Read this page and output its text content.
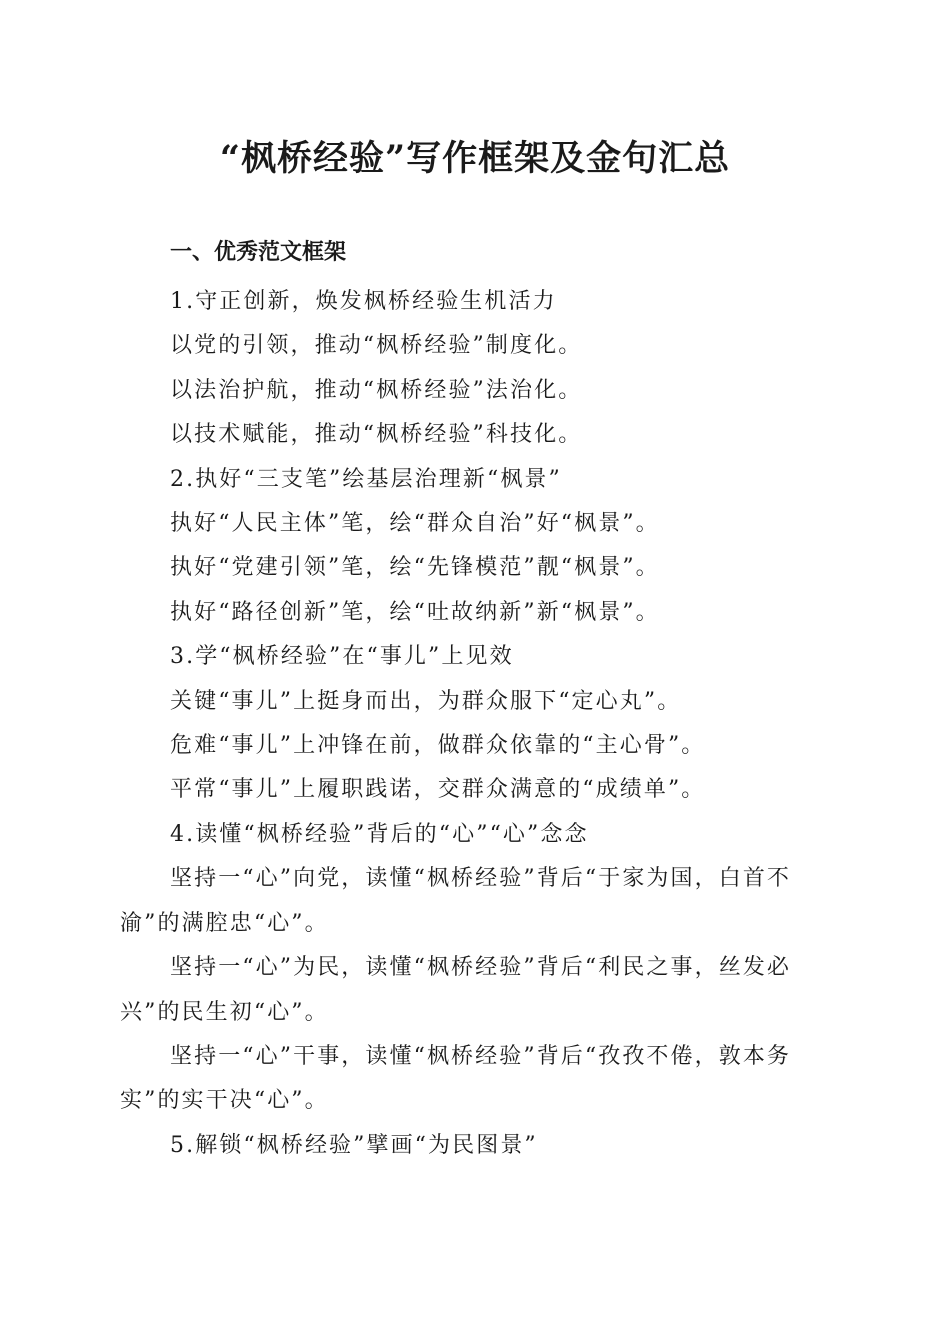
“枫桥经验”写作框架及金句汇总
一、优秀范文框架

1.守正创新，焕发枫桥经验生机活力

以党的引领，推动“枫桥经验”制度化。

以法治护航，推动“枫桥经验”法治化。

以技术赋能，推动“枫桥经验”科技化。

2.执好“三支笔”绘基层治理新“枫景”

执好“人民主体”笔，绘“群众自治”好“枫景”。

执好“党建引领”笔，绘“先锋模范”靓“枫景”。

执好“路径创新”笔，绘“吐故纳新”新“枫景”。

3.学“枫桥经验”在“事儿”上见效

关键“事儿”上挺身而出，为群众服下“定心丸”。

危难“事儿”上冲锋在前，做群众依靠的“主心骨”。

平常“事儿”上履职践诺，交群众满意的“成绩单”。

4.读懂“枫桥经验”背后的“心”“心”念念

坚持一“心”向党，读懂“枫桥经验”背后“于家为国，白首不渝”的满腔忠“心”。

坚持一“心”为民，读懂“枫桥经验”背后“利民之事，丝发必兴”的民生初“心”。

坚持一“心”干事，读懂“枫桥经验”背后“孜孜不倦，敦本务实”的实干决“心”。

5.解锁“枫桥经验”擘画“为民图景”
